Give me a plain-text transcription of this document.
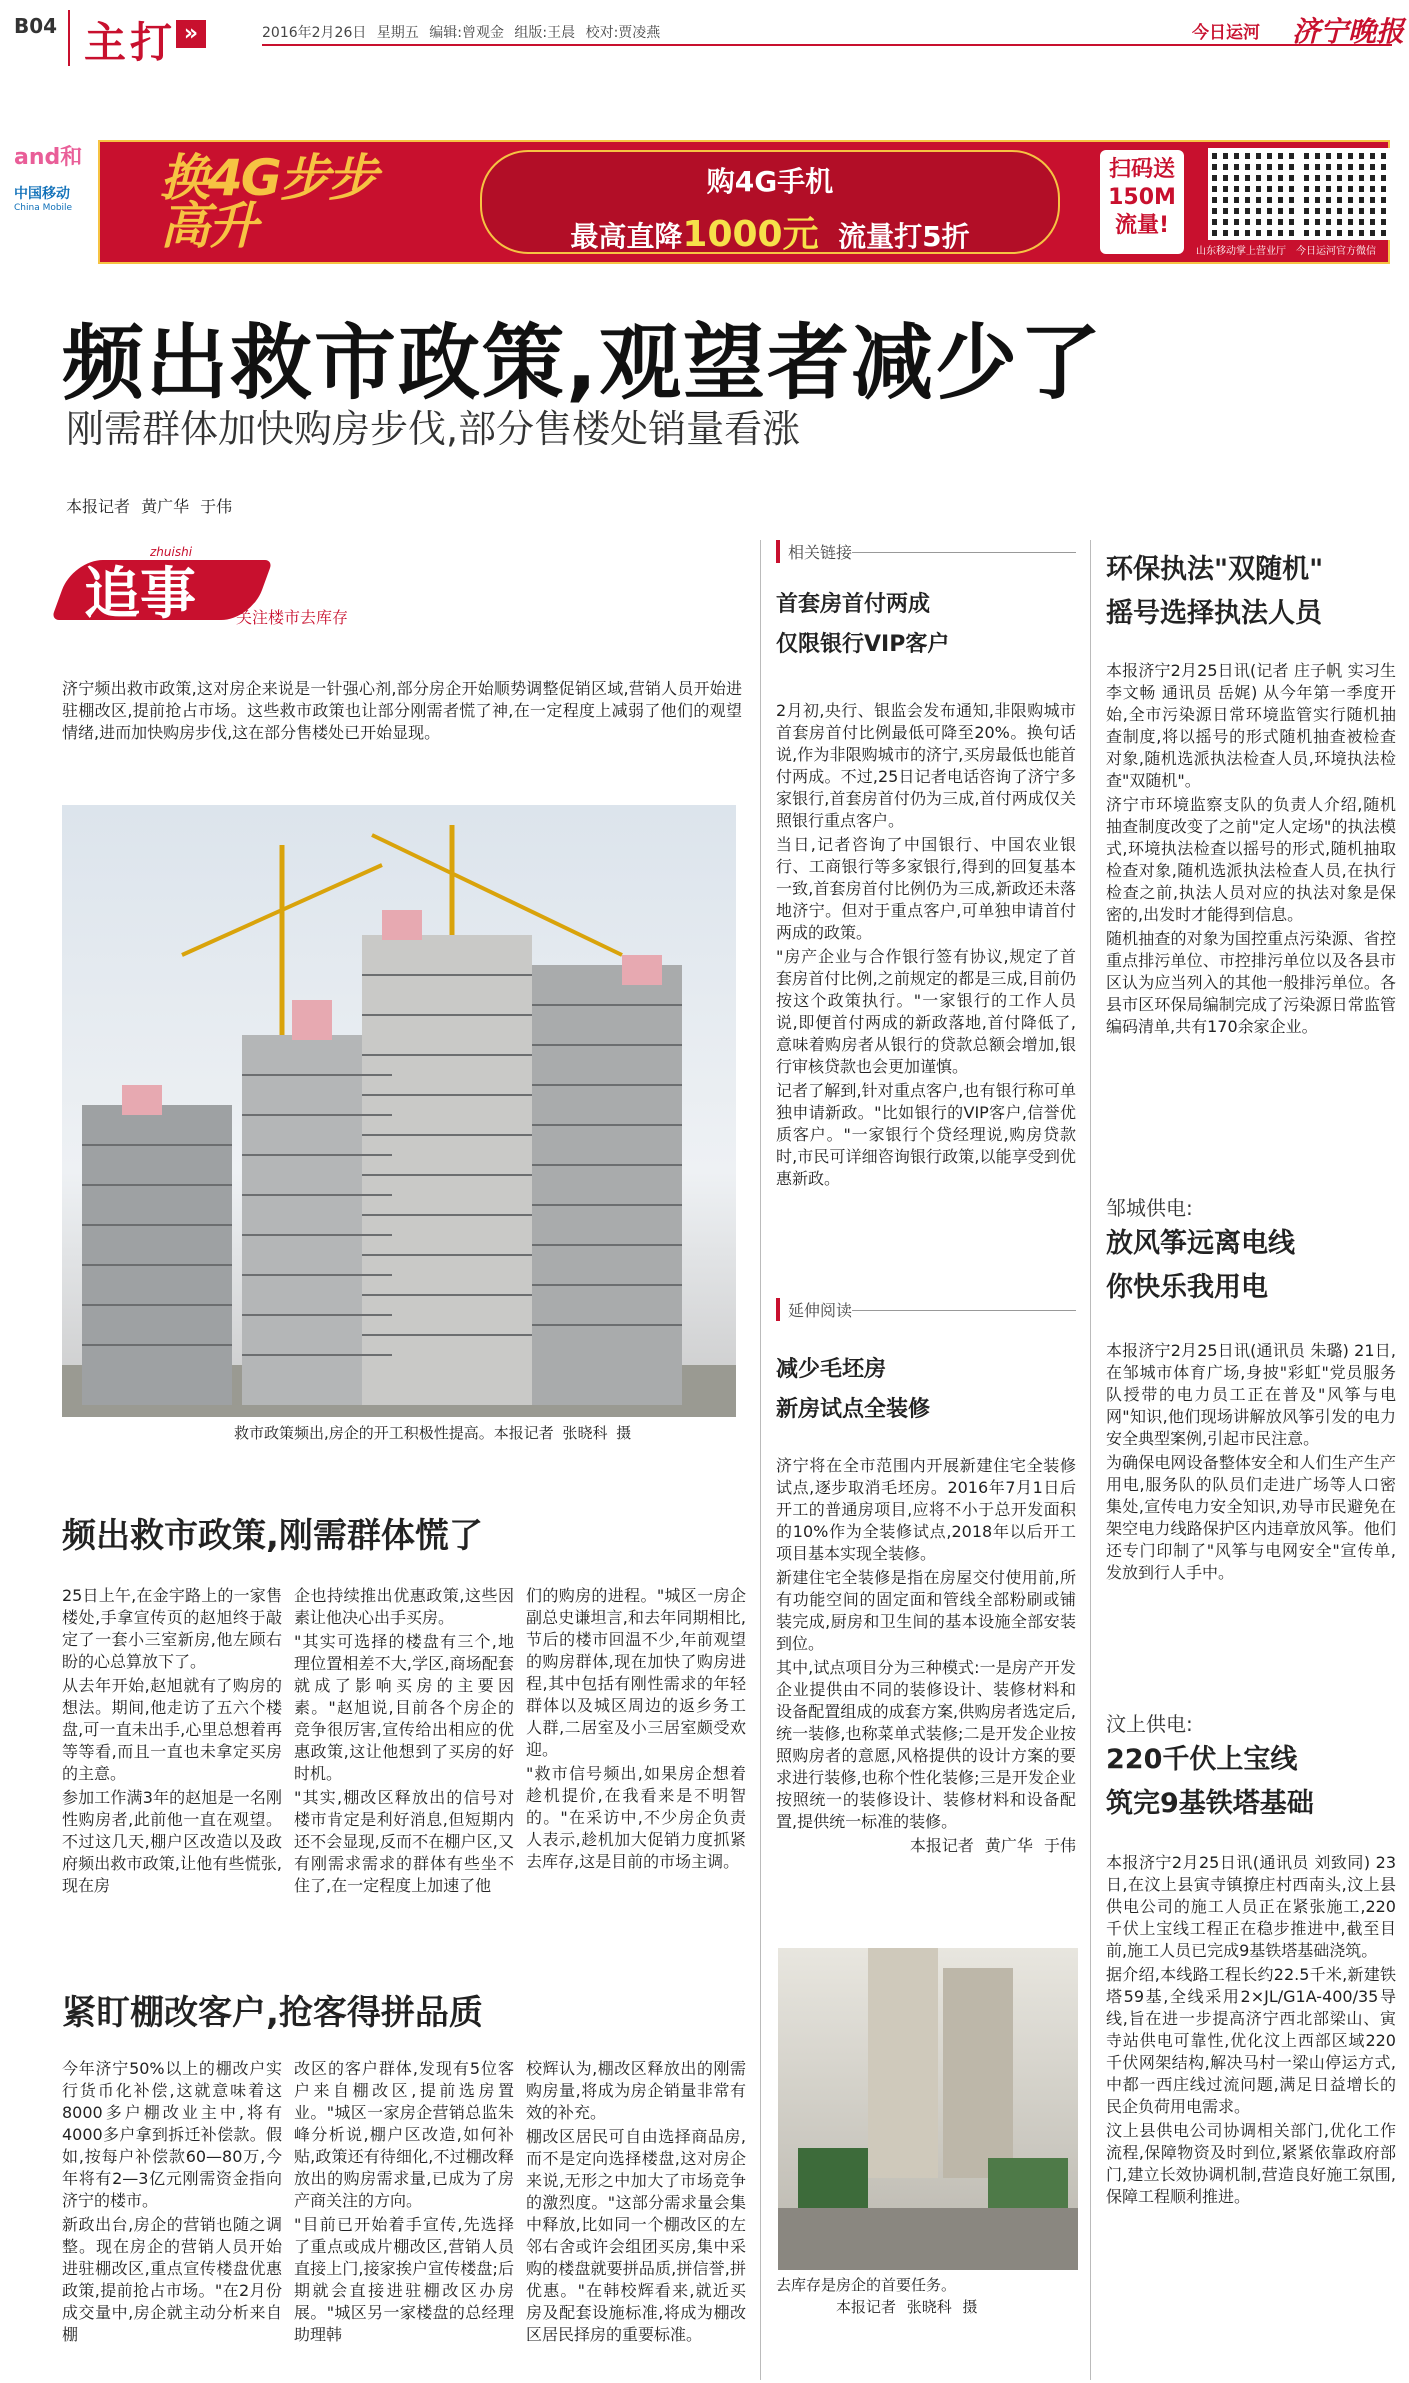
B04 主打 »	2016年2月26日 星期五 编辑:曾观金 组版:王晨 校对:贾凌燕	今日运河 济宁晚报
and和
中国移动
China Mobile
换4G步步高升
购4G手机
最高直降1000元 流量打5折
扫码送150M流量!
山东移动掌上营业厅 今日运河官方微信
频出救市政策,观望者减少了
刚需群体加快购房步伐,部分售楼处销量看涨
本报记者 黄广华 于伟
追事
zhuishi
关注楼市去库存

济宁频出救市政策,这对房企来说是一针强心剂,部分房企开始顺势调整促销区域,营销人员开始进驻棚改区,提前抢占市场。这些救市政策也让部分刚需者慌了神,在一定程度上减弱了他们的观望情绪,进而加快购房步伐,这在部分售楼处已开始显现。

救市政策频出,房企的开工积极性提高。本报记者 张晓科 摄
频出救市政策,刚需群体慌了

25日上午,在金宇路上的一家售楼处,手拿宣传页的赵旭终于敲定了一套小三室新房,他左顾右盼的心总算放下了。

从去年开始,赵旭就有了购房的想法。期间,他走访了五六个楼盘,可一直未出手,心里总想着再等等看,而且一直也未拿定买房的主意。

参加工作满3年的赵旭是一名刚性购房者,此前他一直在观望。不过这几天,棚户区改造以及政府频出救市政策,让他有些慌张,现在房

企也持续推出优惠政策,这些因素让他决心出手买房。

"其实可选择的楼盘有三个,地理位置相差不大,学区,商场配套就成了影响买房的主要因素。"赵旭说,目前各个房企的竞争很厉害,宣传给出相应的优惠政策,这让他想到了买房的好时机。

"其实,棚改区释放出的信号对楼市肯定是利好消息,但短期内还不会显现,反而不在棚户区,又有刚需求需求的群体有些坐不住了,在一定程度上加速了他

们的购房的进程。"城区一房企副总史谦坦言,和去年同期相比,节后的楼市回温不少,年前观望的购房群体,现在加快了购房进程,其中包括有刚性需求的年轻群体以及城区周边的返乡务工人群,二居室及小三居室颇受欢迎。

"救市信号频出,如果房企想着趁机提价,在我看来是不明智的。"在采访中,不少房企负责人表示,趁机加大促销力度抓紧去库存,这是目前的市场主调。

紧盯棚改客户,抢客得拼品质

今年济宁50%以上的棚改户实行货币化补偿,这就意味着这8000多户棚改业主中,将有4000多户拿到拆迁补偿款。假如,按每户补偿款60—80万,今年将有2—3亿元刚需资金指向济宁的楼市。

新政出台,房企的营销也随之调整。现在房企的营销人员开始进驻棚改区,重点宣传楼盘优惠政策,提前抢占市场。"在2月份成交量中,房企就主动分析来自棚

改区的客户群体,发现有5位客户来自棚改区,提前选房置业。"城区一家房企营销总监朱峰分析说,棚户区改造,如何补贴,政策还有待细化,不过棚改释放出的购房需求量,已成为了房产商关注的方向。

"目前已开始着手宣传,先选择了重点或成片棚改区,营销人员直接上门,接家挨户宣传楼盘;后期就会直接进驻棚改区办房展。"城区另一家楼盘的总经理助理韩

校辉认为,棚改区释放出的刚需购房量,将成为房企销量非常有效的补充。

棚改区居民可自由选择商品房,而不是定向选择楼盘,这对房企来说,无形之中加大了市场竞争的激烈度。"这部分需求量会集中释放,比如同一个棚改区的左邻右舍或许会组团买房,集中采购的楼盘就要拼品质,拼信誉,拼优惠。"在韩校辉看来,就近买房及配套设施标准,将成为棚改区居民择房的重要标准。

相关链接
首套房首付两成
仅限银行VIP客户

2月初,央行、银监会发布通知,非限购城市首套房首付比例最低可降至20%。换句话说,作为非限购城市的济宁,买房最低也能首付两成。不过,25日记者电话咨询了济宁多家银行,首套房首付仍为三成,首付两成仅关照银行重点客户。

当日,记者咨询了中国银行、中国农业银行、工商银行等多家银行,得到的回复基本一致,首套房首付比例仍为三成,新政还未落地济宁。但对于重点客户,可单独申请首付两成的政策。

"房产企业与合作银行签有协议,规定了首套房首付比例,之前规定的都是三成,目前仍按这个政策执行。"一家银行的工作人员说,即便首付两成的新政落地,首付降低了,意味着购房者从银行的贷款总额会增加,银行审核贷款也会更加谨慎。

记者了解到,针对重点客户,也有银行称可单独申请新政。"比如银行的VIP客户,信誉优质客户。"一家银行个贷经理说,购房贷款时,市民可详细咨询银行政策,以能享受到优惠新政。

延伸阅读
减少毛坯房
新房试点全装修

济宁将在全市范围内开展新建住宅全装修试点,逐步取消毛坯房。2016年7月1日后开工的普通房项目,应将不小于总开发面积的10%作为全装修试点,2018年以后开工项目基本实现全装修。

新建住宅全装修是指在房屋交付使用前,所有功能空间的固定面和管线全部粉刷或铺装完成,厨房和卫生间的基本设施全部安装到位。

其中,试点项目分为三种模式:一是房产开发企业提供由不同的装修设计、装修材料和设备配置组成的成套方案,供购房者选定后,统一装修,也称菜单式装修;二是开发企业按照购房者的意愿,风格提供的设计方案的要求进行装修,也称个性化装修;三是开发企业按照统一的装修设计、装修材料和设备配置,提供统一标准的装修。

本报记者 黄广华 于伟
去库存是房企的首要任务。
本报记者 张晓科 摄
环保执法"双随机"
摇号选择执法人员

本报济宁2月25日讯(记者 庄子帆 实习生 李文畅 通讯员 岳娓) 从今年第一季度开始,全市污染源日常环境监管实行随机抽查制度,将以摇号的形式随机抽查被检查对象,随机选派执法检查人员,环境执法检查"双随机"。

济宁市环境监察支队的负责人介绍,随机抽查制度改变了之前"定人定场"的执法模式,环境执法检查以摇号的形式,随机抽取检查对象,随机选派执法检查人员,在执行检查之前,执法人员对应的执法对象是保密的,出发时才能得到信息。

随机抽查的对象为国控重点污染源、省控重点排污单位、市控排污单位以及各县市区认为应当列入的其他一般排污单位。各县市区环保局编制完成了污染源日常监管编码清单,共有170余家企业。

邹城供电:
放风筝远离电线
你快乐我用电

本报济宁2月25日讯(通讯员 朱璐) 21日,在邹城市体育广场,身披"彩虹"党员服务队授带的电力员工正在普及"风筝与电网"知识,他们现场讲解放风筝引发的电力安全典型案例,引起市民注意。

为确保电网设备整体安全和人们生产生产用电,服务队的队员们走进广场等人口密集处,宣传电力安全知识,劝导市民避免在架空电力线路保护区内违章放风筝。他们还专门印制了"风筝与电网安全"宣传单,发放到行人手中。

汶上供电:
220千伏上宝线
筑完9基铁塔基础

本报济宁2月25日讯(通讯员 刘致同) 23日,在汶上县寅寺镇撩庄村西南头,汶上县供电公司的施工人员正在紧张施工,220千伏上宝线工程正在稳步推进中,截至目前,施工人员已完成9基铁塔基础浇筑。

据介绍,本线路工程长约22.5千米,新建铁塔59基,全线采用2×JL/G1A-400/35导线,旨在进一步提高济宁西北部梁山、寅寺站供电可靠性,优化汶上西部区域220千伏网架结构,解决马村一梁山停运方式,中都一西庄线过流问题,满足日益增长的民企负荷用电需求。

汶上县供电公司协调相关部门,优化工作流程,保障物资及时到位,紧紧依靠政府部门,建立长效协调机制,营造良好施工氛围,保障工程顺利推进。
